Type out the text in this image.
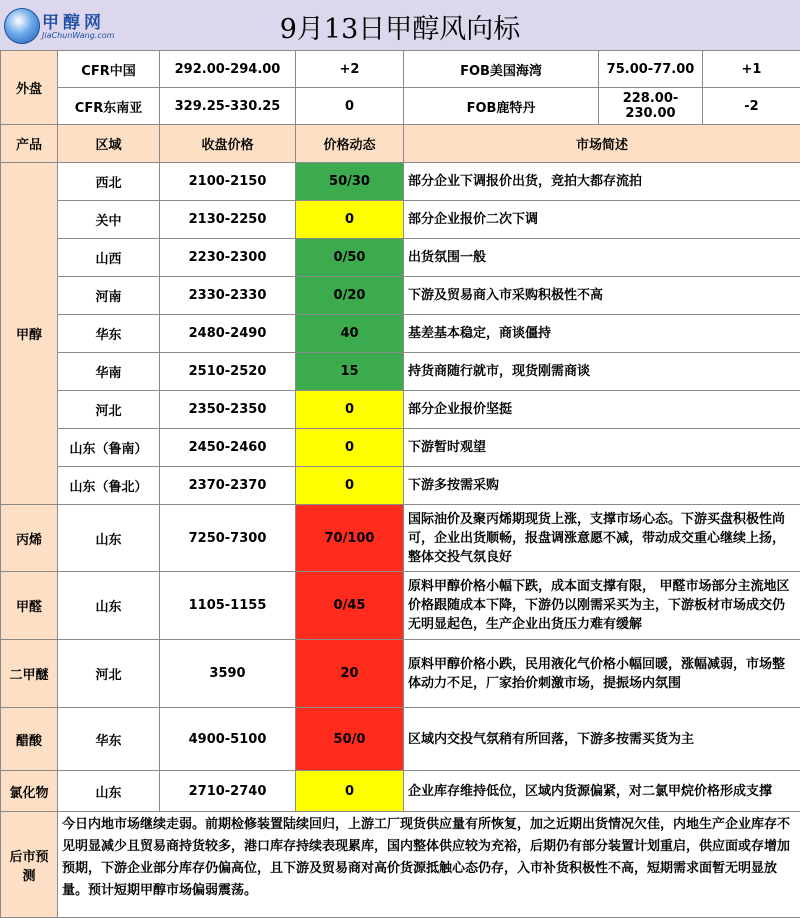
甲醇网
JiaChunWang.com	9月13日甲醇风向标
外盘	CFR中国	292.00-294.00	+2	FOB美国海湾	75.00-77.00	+1
	CFR东南亚	329.25-330.25	0	FOB鹿特丹	228.00-230.00	-2
产品	区域	收盘价格	价格动态	市场简述		
甲醇	西北	2100-2150	50/30	部分企业下调报价出货，竞拍大都存流拍		
	关中	2130-2250	0	部分企业报价二次下调		
	山西	2230-2300	0/50	出货氛围一般		
	河南	2330-2330	0/20	下游及贸易商入市采购积极性不高		
	华东	2480-2490	40	基差基本稳定，商谈僵持		
	华南	2510-2520	15	持货商随行就市，现货刚需商谈		
	河北	2350-2350	0	部分企业报价坚挺		
	山东（鲁南）	2450-2460	0	下游暂时观望		
	山东（鲁北）	2370-2370	0	下游多按需采购		
丙烯	山东	7250-7300	70/100	国际油价及聚丙烯期现货上涨，支撑市场心态。下游买盘积极性尚可，企业出货顺畅，报盘调涨意愿不减，带动成交重心继续上扬，整体交投气氛良好		
甲醛	山东	1105-1155	0/45	原料甲醇价格小幅下跌，成本面支撑有限， 甲醛市场部分主流地区价格跟随成本下降，下游仍以刚需采买为主，下游板材市场成交仍无明显起色，生产企业出货压力难有缓解		
二甲醚	河北	3590	20	原料甲醇价格小跌，民用液化气价格小幅回暖，涨幅减弱，市场整体动力不足，厂家抬价刺激市场，提振场内氛围		
醋酸	华东	4900-5100	50/0	区域内交投气氛稍有所回落，下游多按需买货为主		
氯化物	山东	2710-2740	0	企业库存维持低位，区域内货源偏紧，对二氯甲烷价格形成支撑		
后市预测	今日内地市场继续走弱。前期检修装置陆续回归，上游工厂现货供应量有所恢复，加之近期出货情况欠佳，内地生产企业库存不见明显减少且贸易商持货较多，港口库存持续表现累库，国内整体供应较为充裕，后期仍有部分装置计划重启，供应面或存增加预期，下游企业部分库存仍偏高位，且下游及贸易商对高价货源抵触心态仍存，入市补货积极性不高，短期需求面暂无明显放量。预计短期甲醇市场偏弱震荡。					
